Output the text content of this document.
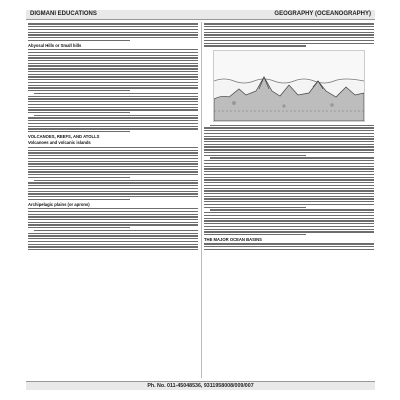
DIGMANI EDUCATIONS	GEOGRAPHY (OCEANOGRAPHY)
Abyssal Hills or Small hills
VOLCANOES, REEFS, AND ATOLLS
Volcanoes and volcanic islands
Archipelagic plains (or aprons)
THE MAJOR OCEAN BASINS
Ph. No. 011-45048536, 9311958008/009/007
